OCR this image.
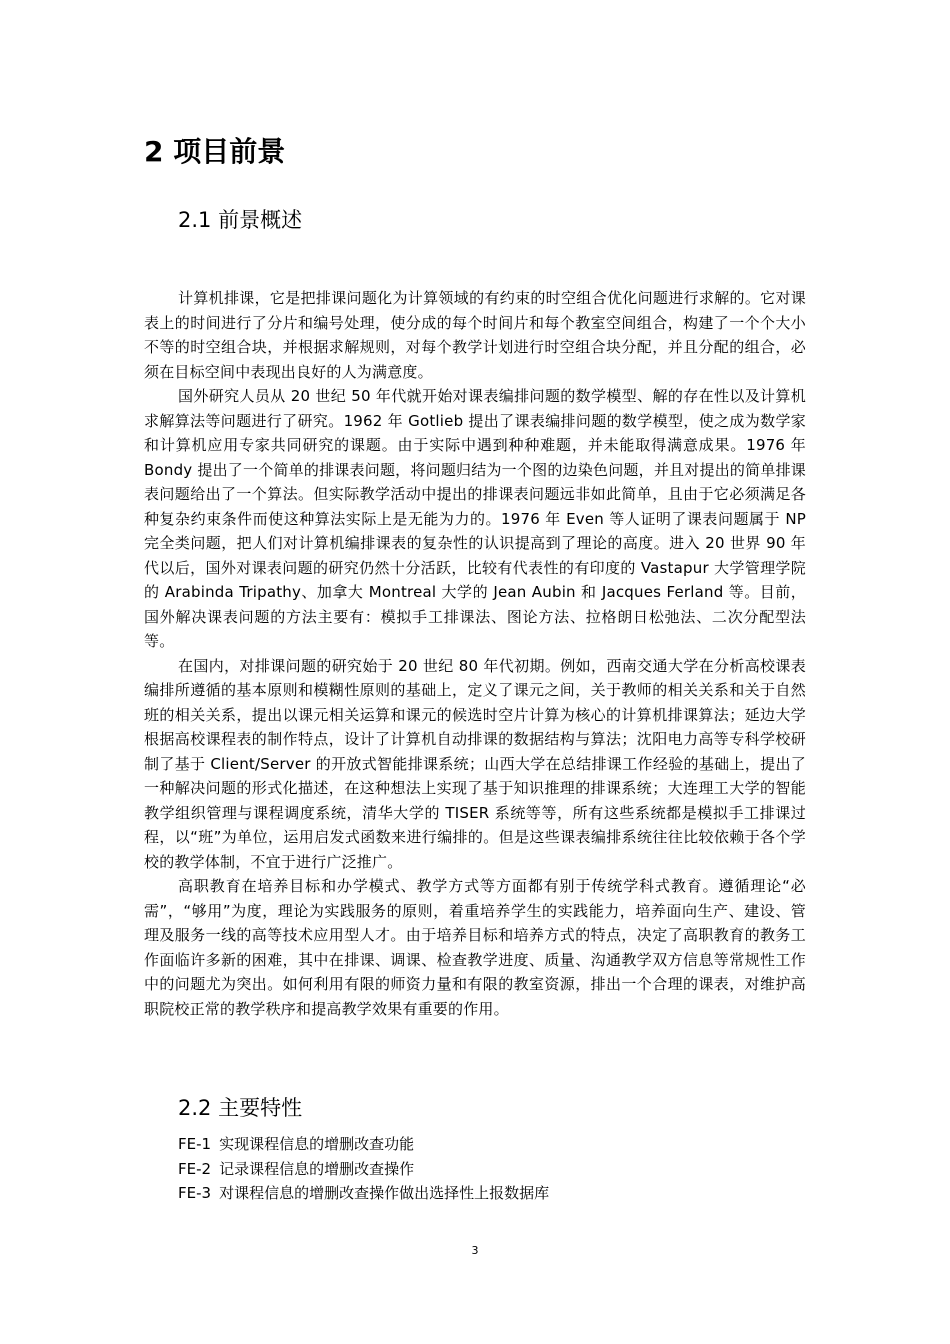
2 项目前景
2.1 前景概述

计算机排课，它是把排课问题化为计算领域的有约束的时空组合优化问题进行求解的。它对课表上的时间进行了分片和编号处理，使分成的每个时间片和每个教室空间组合，构建了一个个大小不等的时空组合块，并根据求解规则，对每个教学计划进行时空组合块分配，并且分配的组合，必须在目标空间中表现出良好的人为满意度。

国外研究人员从 20 世纪 50 年代就开始对课表编排问题的数学模型、解的存在性以及计算机求解算法等问题进行了研究。1962 年 Gotlieb 提出了课表编排问题的数学模型，使之成为数学家和计算机应用专家共同研究的课题。由于实际中遇到种种难题，并未能取得满意成果。1976 年 Bondy 提出了一个简单的排课表问题，将问题归结为一个图的边染色问题，并且对提出的简单排课表问题给出了一个算法。但实际教学活动中提出的排课表问题远非如此简单，且由于它必须满足各种复杂约束条件而使这种算法实际上是无能为力的。1976 年 Even 等人证明了课表问题属于 NP 完全类问题，把人们对计算机编排课表的复杂性的认识提高到了理论的高度。进入 20 世界 90 年代以后，国外对课表问题的研究仍然十分活跃，比较有代表性的有印度的 Vastapur 大学管理学院的 Arabinda Tripathy、加拿大 Montreal 大学的 Jean Aubin 和 Jacques Ferland 等。目前，国外解决课表问题的方法主要有：模拟手工排课法、图论方法、拉格朗日松弛法、二次分配型法等。

在国内，对排课问题的研究始于 20 世纪 80 年代初期。例如，西南交通大学在分析高校课表编排所遵循的基本原则和模糊性原则的基础上，定义了课元之间，关于教师的相关关系和关于自然班的相关关系，提出以课元相关运算和课元的候选时空片计算为核心的计算机排课算法；延边大学根据高校课程表的制作特点，设计了计算机自动排课的数据结构与算法；沈阳电力高等专科学校研制了基于 Client/Server 的开放式智能排课系统；山西大学在总结排课工作经验的基础上，提出了一种解决问题的形式化描述，在这种想法上实现了基于知识推理的排课系统；大连理工大学的智能教学组织管理与课程调度系统，清华大学的 TISER 系统等等，所有这些系统都是模拟手工排课过程，以“班”为单位，运用启发式函数来进行编排的。但是这些课表编排系统往往比较依赖于各个学校的教学体制，不宜于进行广泛推广。

高职教育在培养目标和办学模式、教学方式等方面都有别于传统学科式教育。遵循理论“必需”，“够用”为度，理论为实践服务的原则，着重培养学生的实践能力，培养面向生产、建设、管理及服务一线的高等技术应用型人才。由于培养目标和培养方式的特点，决定了高职教育的教务工作面临许多新的困难，其中在排课、调课、检查教学进度、质量、沟通教学双方信息等常规性工作中的问题尤为突出。如何利用有限的师资力量和有限的教室资源，排出一个合理的课表，对维护高职院校正常的教学秩序和提高教学效果有重要的作用。

2.2 主要特性
FE-1 实现课程信息的增删改查功能
FE-2 记录课程信息的增删改查操作
FE-3 对课程信息的增删改查操作做出选择性上报数据库
3
